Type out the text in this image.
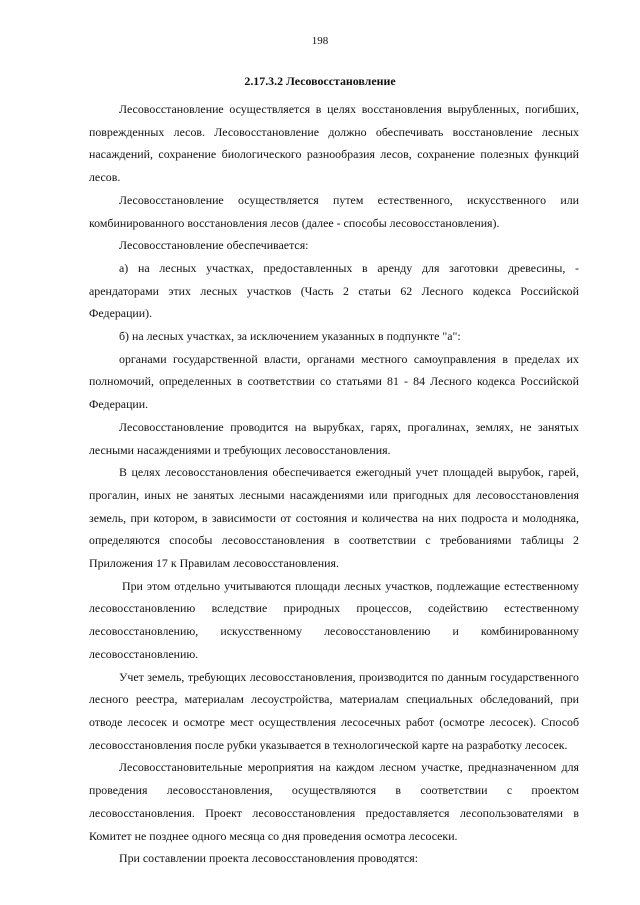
198
2.17.3.2 Лесовосстановление

Лесовосстановление осуществляется в целях восстановления вырубленных, погибших, поврежденных лесов. Лесовосстановление должно обеспечивать восстановление лесных насаждений, сохранение биологического разнообразия лесов, сохранение полезных функций лесов.

Лесовосстановление осуществляется путем естественного, искусственного или комбинированного восстановления лесов (далее - способы лесовосстановления).

Лесовосстановление обеспечивается:

а) на лесных участках, предоставленных в аренду для заготовки древесины, - арендаторами этих лесных участков (Часть 2 статьи 62 Лесного кодекса Российской Федерации).

б) на лесных участках, за исключением указанных в подпункте "а":

органами государственной власти, органами местного самоуправления в пределах их полномочий, определенных в соответствии со статьями 81 - 84 Лесного кодекса Российской Федерации.

Лесовосстановление проводится на вырубках, гарях, прогалинах, землях, не занятых лесными насаждениями и требующих лесовосстановления.

В целях лесовосстановления обеспечивается ежегодный учет площадей вырубок, гарей, прогалин, иных не занятых лесными насаждениями или пригодных для лесовосстановления земель, при котором, в зависимости от состояния и количества на них подроста и молодняка, определяются способы лесовосстановления в соответствии с требованиями таблицы 2 Приложения 17 к Правилам лесовосстановления.

При этом отдельно учитываются площади лесных участков, подлежащие естественному лесовосстановлению вследствие природных процессов, содействию естественному лесовосстановлению, искусственному лесовосстановлению и комбинированному лесовосстановлению.

Учет земель, требующих лесовосстановления, производится по данным государственного лесного реестра, материалам лесоустройства, материалам специальных обследований, при отводе лесосек и осмотре мест осуществления лесосечных работ (осмотре лесосек). Способ лесовосстановления после рубки указывается в технологической карте на разработку лесосек.

Лесовосстановительные мероприятия на каждом лесном участке, предназначенном для проведения лесовосстановления, осуществляются в соответствии с проектом лесовосстановления. Проект лесовосстановления предоставляется лесопользователями в Комитет не позднее одного месяца со дня проведения осмотра лесосеки.

При составлении проекта лесовосстановления проводятся:
